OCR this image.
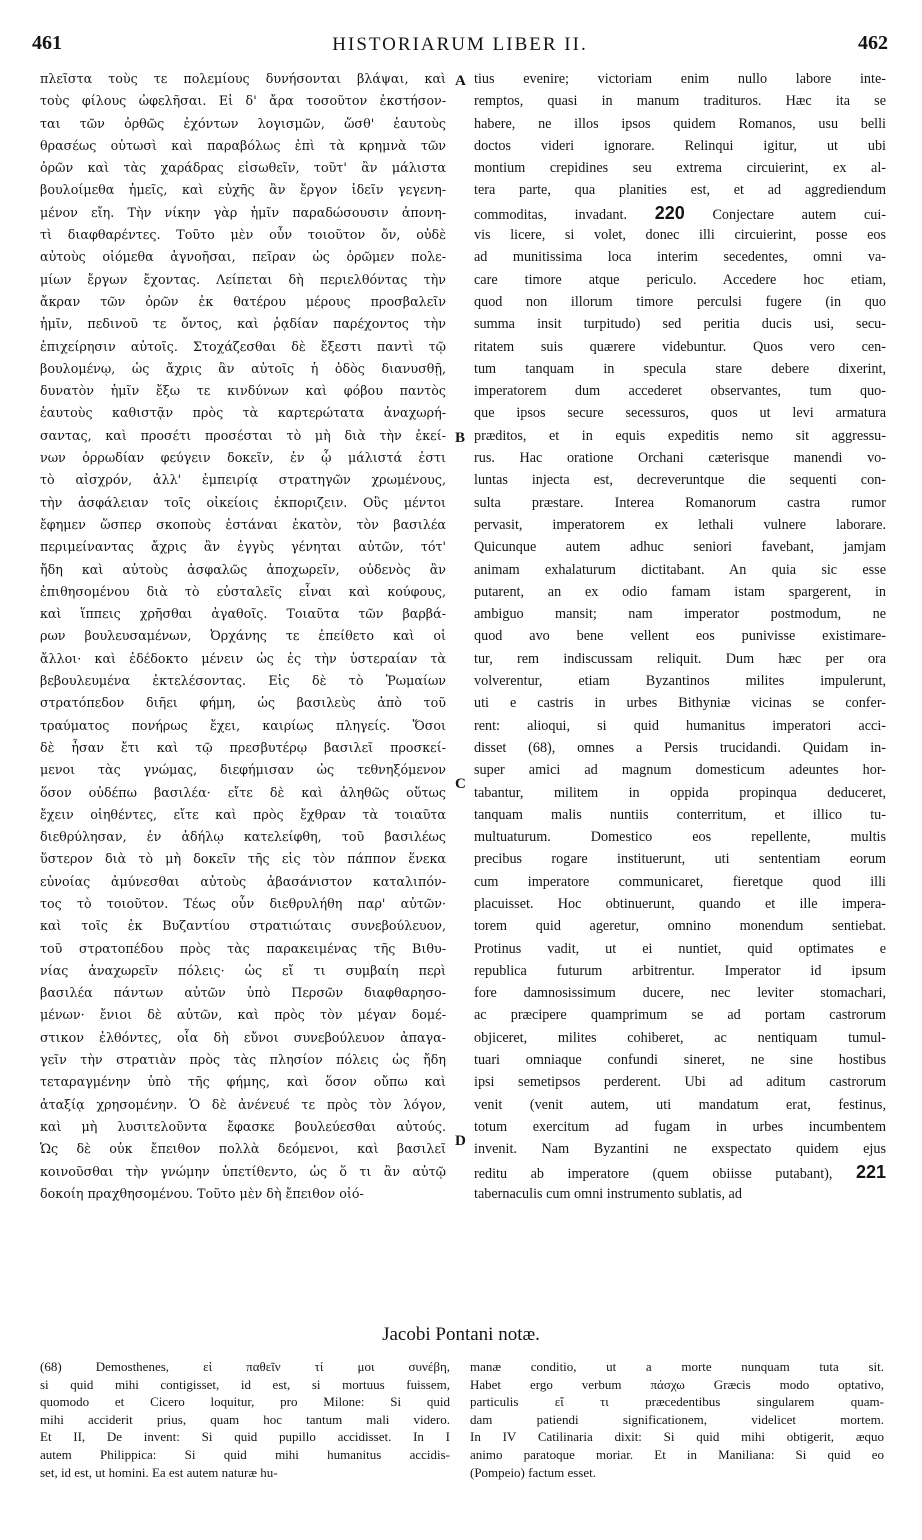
461	HISTORIARUM LIBER II.	462
πλεῖστα τοὺς τε πολεμίους δυνήσονται βλάψαι, καὶ
τοὺς φίλους ὠφελῆσαι. Εἰ δ' ἄρα τοσοῦτον ἐκστήσον-
ται τῶν ὀρθῶς ἐχόντων λογισμῶν, ὥσθ' ἑαυτοὺς
θρασέως οὑτωσὶ καὶ παραβόλως ἐπὶ τὰ κρημνὰ τῶν
ὀρῶν καὶ τὰς χαράδρας εἰσωθεῖν, τοῦτ' ἂν μάλιστα
βουλοίμεθα ἡμεῖς, καὶ εὐχῆς ἂν ἔργον ἰδεῖν γεγενη-
μένον εἴη. Τὴν νίκην γὰρ ἡμῖν παραδώσουσιν ἀπονη-
τὶ διαφθαρέντες. Τοῦτο μὲν οὖν τοιοῦτον ὄν, οὐδὲ
αὐτοὺς οἰόμεθα ἀγνοῆσαι, πεῖραν ὡς ὁρῶμεν πολε-
μίων ἔργων ἔχοντας. Λείπεται δὴ περιελθόντας τὴν
ἄκραν τῶν ὀρῶν ἐκ θατέρου μέρους προσβαλεῖν
ἡμῖν, πεδινοῦ τε ὄντος, καὶ ῥᾳδίαν παρέχοντος τὴν
ἐπιχείρησιν αὐτοῖς. Στοχάζεσθαι δὲ ἔξεστι παντὶ τῷ
βουλομένῳ, ὡς ἄχρις ἂν αὐτοῖς ἡ ὁδὸς διανυσθῇ,
δυνατὸν ἡμῖν ἔξω τε κινδύνων καὶ φόβου παντὸς
ἑαυτοὺς καθιστᾷν πρὸς τὰ καρτερώτατα ἀναχωρή-
σαντας, καὶ προσέτι προσέσται τὸ μὴ διὰ τὴν ἐκεί-
νων ὀρρωδίαν φεύγειν δοκεῖν, ἐν ᾧ μάλιστά ἐστι
τὸ αἰσχρόν, ἀλλ' ἐμπειρίᾳ στρατηγῶν χρωμένους,
τὴν ἀσφάλειαν τοῖς οἰκείοις ἐκποριζειν. Οὓς μέντοι
ἔφημεν ὥσπερ σκοποὺς ἑστάναι ἑκατὸν, τὸν βασιλέα
περιμείναντας ἄχρις ἂν ἐγγὺς γένηται αὐτῶν, τότ'
ἤδη καὶ αὐτοὺς ἀσφαλῶς ἀποχωρεῖν, οὐδενὸς ἂν
ἐπιθησομένου διὰ τὸ εὐσταλεῖς εἶναι καὶ κούφους,
καὶ ἵππεις χρῆσθαι ἀγαθοῖς. Τοιαῦτα τῶν βαρβά-
ρων βουλευσαμένων, Ὀρχάνης τε ἐπείθετο καὶ οἱ
ἄλλοι· καὶ ἐδέδοκτο μένειν ὡς ἐς τὴν ὑστεραίαν τὰ
βεβουλευμένα ἐκτελέσοντας. Εἰς δὲ τὸ Ῥωμαίων
στρατόπεδον διῆει φήμη, ὡς βασιλεὺς ἀπὸ τοῦ
τραύματος πονήρως ἔχει, καιρίως πληγείς. Ὅσοι
δὲ ἦσαν ἔτι καὶ τῷ πρεσβυτέρῳ βασιλεῖ προσκεί-
μενοι τὰς γνώμας, διεφήμισαν ὡς τεθνηξόμενον
ὅσον οὐδέπω βασιλέα· εἴτε δὲ καὶ ἀληθῶς οὕτως
ἔχειν οἰηθέντες, εἴτε καὶ πρὸς ἔχθραν τὰ τοιαῦτα
διεθρύλησαν, ἐν ἀδήλῳ κατελείφθη, τοῦ βασιλέως
ὕστερον διὰ τὸ μὴ δοκεῖν τῆς εἰς τὸν πάππον ἕνεκα
εὐνοίας ἀμύνεσθαι αὐτοὺς ἀβασάνιστον καταλιπόν-
τος τὸ τοιοῦτον. Τέως οὖν διεθρυλήθη παρ' αὐτῶν·
καὶ τοῖς ἐκ Βυζαντίου στρατιώταις συνεβούλευον,
τοῦ στρατοπέδου πρὸς τὰς παρακειμένας τῆς Βιθυ-
νίας ἀναχωρεῖν πόλεις· ὡς εἴ τι συμβαίη περὶ
βασιλέα πάντων αὐτῶν ὑπὸ Περσῶν διαφθαρησο-
μένων· ἔνιοι δὲ αὐτῶν, καὶ πρὸς τὸν μέγαν δομέ-
στικον ἐλθόντες, οἷα δὴ εὔνοι συνεβούλευον ἀπαγα-
γεῖν τὴν στρατιὰν πρὸς τὰς πλησίον πόλεις ὡς ἤδη
τεταραγμένην ὑπὸ τῆς φήμης, καὶ ὅσον οὔπω καὶ
ἀταξίᾳ χρησομένην. Ὁ δὲ ἀνένευέ τε πρὸς τὸν λόγον,
καὶ μὴ λυσιτελοῦντα ἔφασκε βουλεύεσθαι αὐτούς.
Ὡς δὲ οὐκ ἔπειθον πολλὰ δεόμενοι, καὶ βασιλεῖ
κοινοῦσθαι τὴν γνώμην ὑπετίθεντο, ὡς ὅ τι ἂν αὐτῷ
δοκοίη πραχθησομένου. Τοῦτο μὲν δὴ ἔπειθον οἰό-
A
B
C
D
tius evenire; victoriam enim nullo labore inte-
remptos, quasi in manum tradituros. Hæc ita se
habere, ne illos ipsos quidem Romanos, usu belli
doctos videri ignorare. Relinqui igitur, ut ubi
montium crepidines seu extrema circuierint, ex al-
tera parte, qua planities est, et ad aggrediendum
commoditas, invadant. 220 Conjectare autem cui-
vis licere, si volet, donec illi circuierint, posse eos
ad munitissima loca interim secedentes, omni va-
care timore atque periculo. Accedere hoc etiam,
quod non illorum timore perculsi fugere (in quo
summa insit turpitudo) sed peritia ducis usi, secu-
ritatem suis quærere videbuntur. Quos vero cen-
tum tanquam in specula stare debere dixerint,
imperatorem dum accederet observantes, tum quo-
que ipsos secure secessuros, quos ut levi armatura
præditos, et in equis expeditis nemo sit aggressu-
rus. Hac oratione Orchani cæterisque manendi vo-
luntas injecta est, decreveruntque die sequenti con-
sulta præstare. Interea Romanorum castra rumor
pervasit, imperatorem ex lethali vulnere laborare.
Quicunque autem adhuc seniori favebant, jamjam
animam exhalaturum dictitabant. An quia sic esse
putarent, an ex odio famam istam spargerent, in
ambiguo mansit; nam imperator postmodum, ne
quod avo bene vellent eos punivisse existimare-
tur, rem indiscussam reliquit. Dum hæc per ora
volverentur, etiam Byzantinos milites impulerunt,
uti e castris in urbes Bithyniæ vicinas se confer-
rent: alioqui, si quid humanitus imperatori acci-
disset (68), omnes a Persis trucidandi. Quidam in-
super amici ad magnum domesticum adeuntes hor-
tabantur, militem in oppida propinqua deduceret,
tanquam malis nuntiis conterritum, et illico tu-
multuaturum. Domestico eos repellente, multis
precibus rogare instituerunt, uti sententiam eorum
cum imperatore communicaret, fieretque quod illi
placuisset. Hoc obtinuerunt, quando et ille impera-
torem quid ageretur, omnino monendum sentiebat.
Protinus vadit, ut ei nuntiet, quid optimates e
republica futurum arbitrentur. Imperator id ipsum
fore damnosissimum ducere, nec leviter stomachari,
ac præcipere quamprimum se ad portam castrorum
objiceret, milites cohiberet, ac nentiquam tumul-
tuari omniaque confundi sineret, ne sine hostibus
ipsi semetipsos perderent. Ubi ad aditum castrorum
venit (venit autem, uti mandatum erat, festinus,
totum exercitum ad fugam in urbes incumbentem
invenit. Nam Byzantini ne exspectato quidem ejus
reditu ab imperatore (quem obiisse putabant), 221
tabernaculis cum omni instrumento sublatis, ad
Jacobi Pontani notæ.
(68) Demosthenes, εἰ παθεῖν τί μοι συνέβη,
si quid mihi contigisset, id est, si mortuus fuissem,
quomodo et Cicero loquitur, pro Milone: Si quid
mihi acciderit prius, quam hoc tantum mali videro.
Et II, De invent: Si quid pupillo accidisset. In I
autem Philippica: Si quid mihi humanitus accidis-
set, id est, ut homini. Ea est autem naturæ hu-
manæ conditio, ut a morte nunquam tuta sit.
Habet ergo verbum πάσχω Græcis modo optativo,
particulis εἴ τι præcedentibus singularem quam-
dam patiendi significationem, videlicet mortem.
In IV Catilinaria dixit: Si quid mihi obtigerit, æquo
animo paratoque moriar. Et in Maniliana: Si quid eo
(Pompeio) factum esset.
